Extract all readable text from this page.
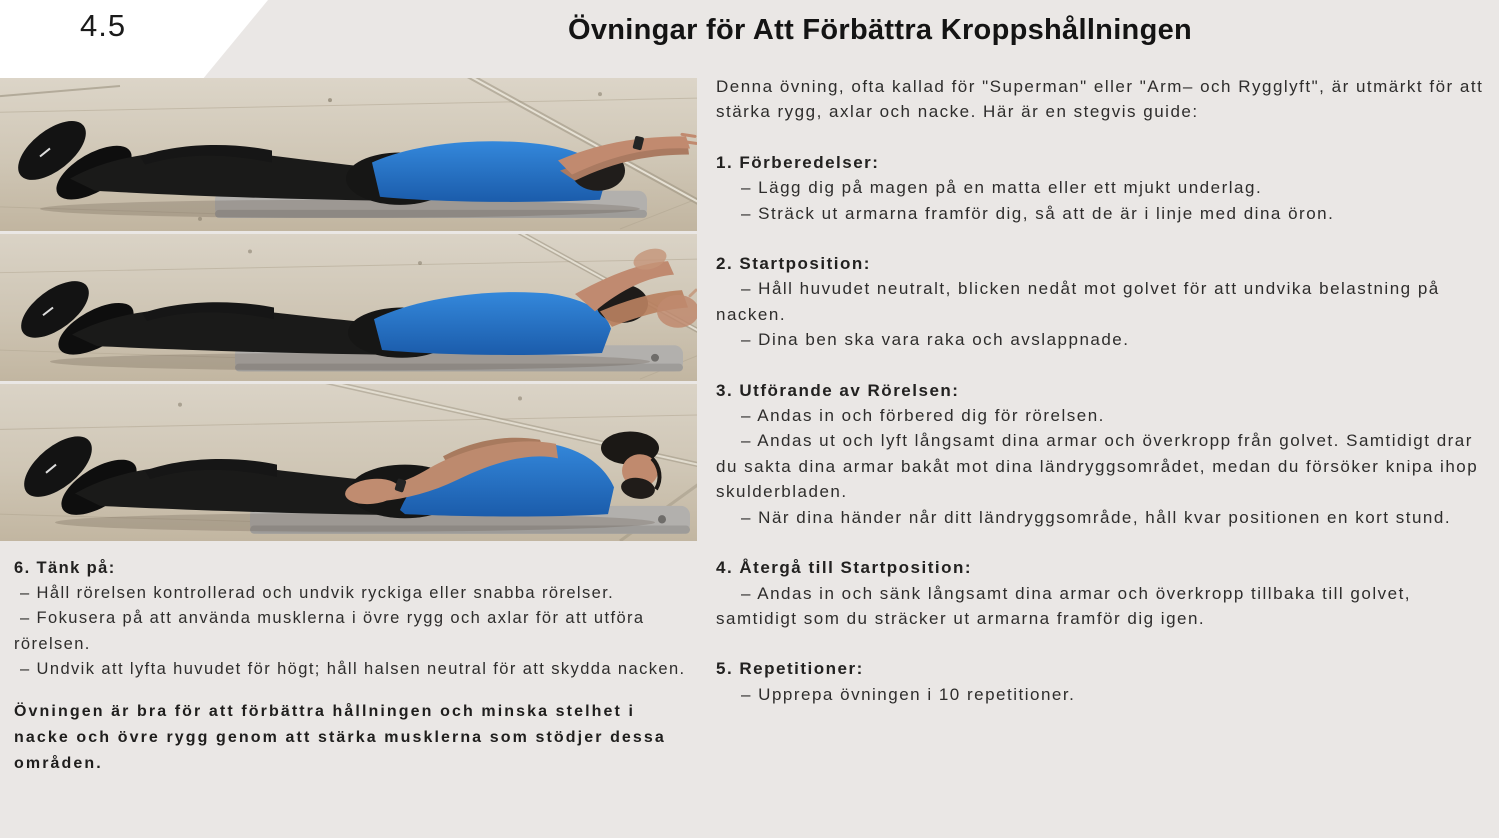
4.5	Övningar för Att Förbättra Kroppshållningen

Denna övning, ofta kallad för "Superman" eller "Arm– och Rygglyft", är utmärkt för att stärka rygg, axlar och nacke. Här är en stegvis guide:

1. Förberedelser:

– Lägg dig på magen på en matta eller ett mjukt underlag.

– Sträck ut armarna framför dig, så att de är i linje med dina öron.

2. Startposition:

– Håll huvudet neutralt, blicken nedåt mot golvet för att undvika belastning på nacken.

– Dina ben ska vara raka och avslappnade.

3. Utförande av Rörelsen:

– Andas in och förbered dig för rörelsen.

– Andas ut och lyft långsamt dina armar och överkropp från golvet. Samtidigt drar du sakta dina armar bakåt mot dina ländryggsområdet, medan du försöker knipa ihop skulderbladen.

– När dina händer når ditt ländryggsområde, håll kvar positionen en kort stund.

4. Återgå till Startposition:

– Andas in och sänk långsamt dina armar och överkropp tillbaka till golvet, samtidigt som du sträcker ut armarna framför dig igen.

5. Repetitioner:

– Upprepa övningen i 10 repetitioner.

6. Tänk på:

– Håll rörelsen kontrollerad och undvik ryckiga eller snabba rörelser.

– Fokusera på att använda musklerna i övre rygg och axlar för att utföra rörelsen.

– Undvik att lyfta huvudet för högt; håll halsen neutral för att skydda nacken.

Övningen är bra för att förbättra hållningen och minska stelhet i nacke och övre rygg genom att stärka musklerna som stödjer dessa områden.
